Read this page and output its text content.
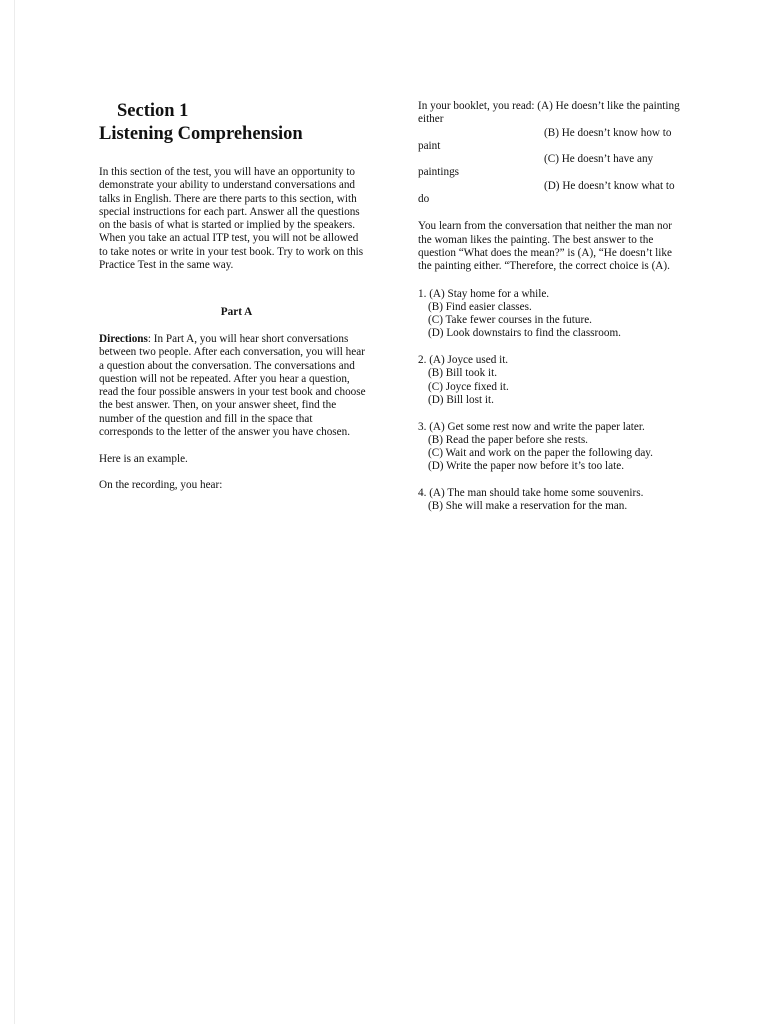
Section 1
Listening Comprehension
In this section of the test, you will have an opportunity to
demonstrate your ability to understand conversations and
talks in English. There are there parts to this section, with
special instructions for each part. Answer all the questions
on the basis of what is started or implied by the speakers.
When you take an actual ITP test, you will not be allowed
to take notes or write in your test book. Try to work on this
Practice Test in the same way.
Part A
Directions: In Part A, you will hear short conversations
between two people. After each conversation, you will hear
a question about the conversation. The conversations and
question will not be repeated. After you hear a question,
read the four possible answers in your test book and choose
the best answer. Then, on your answer sheet, find the
number of the question and fill in the space that
corresponds to the letter of the answer you have chosen.
Here is an example.
On the recording, you hear:
In your booklet, you read: (A) He doesn’t like the painting
either
(B) He doesn’t know how to
paint
(C) He doesn’t have any
paintings
(D) He doesn’t know what to
do
You learn from the conversation that neither the man nor
the woman likes the painting. The best answer to the
question “What does the mean?” is (A), “He doesn’t like
the painting either. “Therefore, the correct choice is (A).
1. (A) Stay home for a while.
(B) Find easier classes.
(C) Take fewer courses in the future.
(D) Look downstairs to find the classroom.
2. (A) Joyce used it.
(B) Bill took it.
(C) Joyce fixed it.
(D) Bill lost it.
3. (A) Get some rest now and write the paper later.
(B) Read the paper before she rests.
(C) Wait and work on the paper the following day.
(D) Write the paper now before it’s too late.
4. (A) The man should take home some souvenirs.
(B) She will make a reservation for the man.
